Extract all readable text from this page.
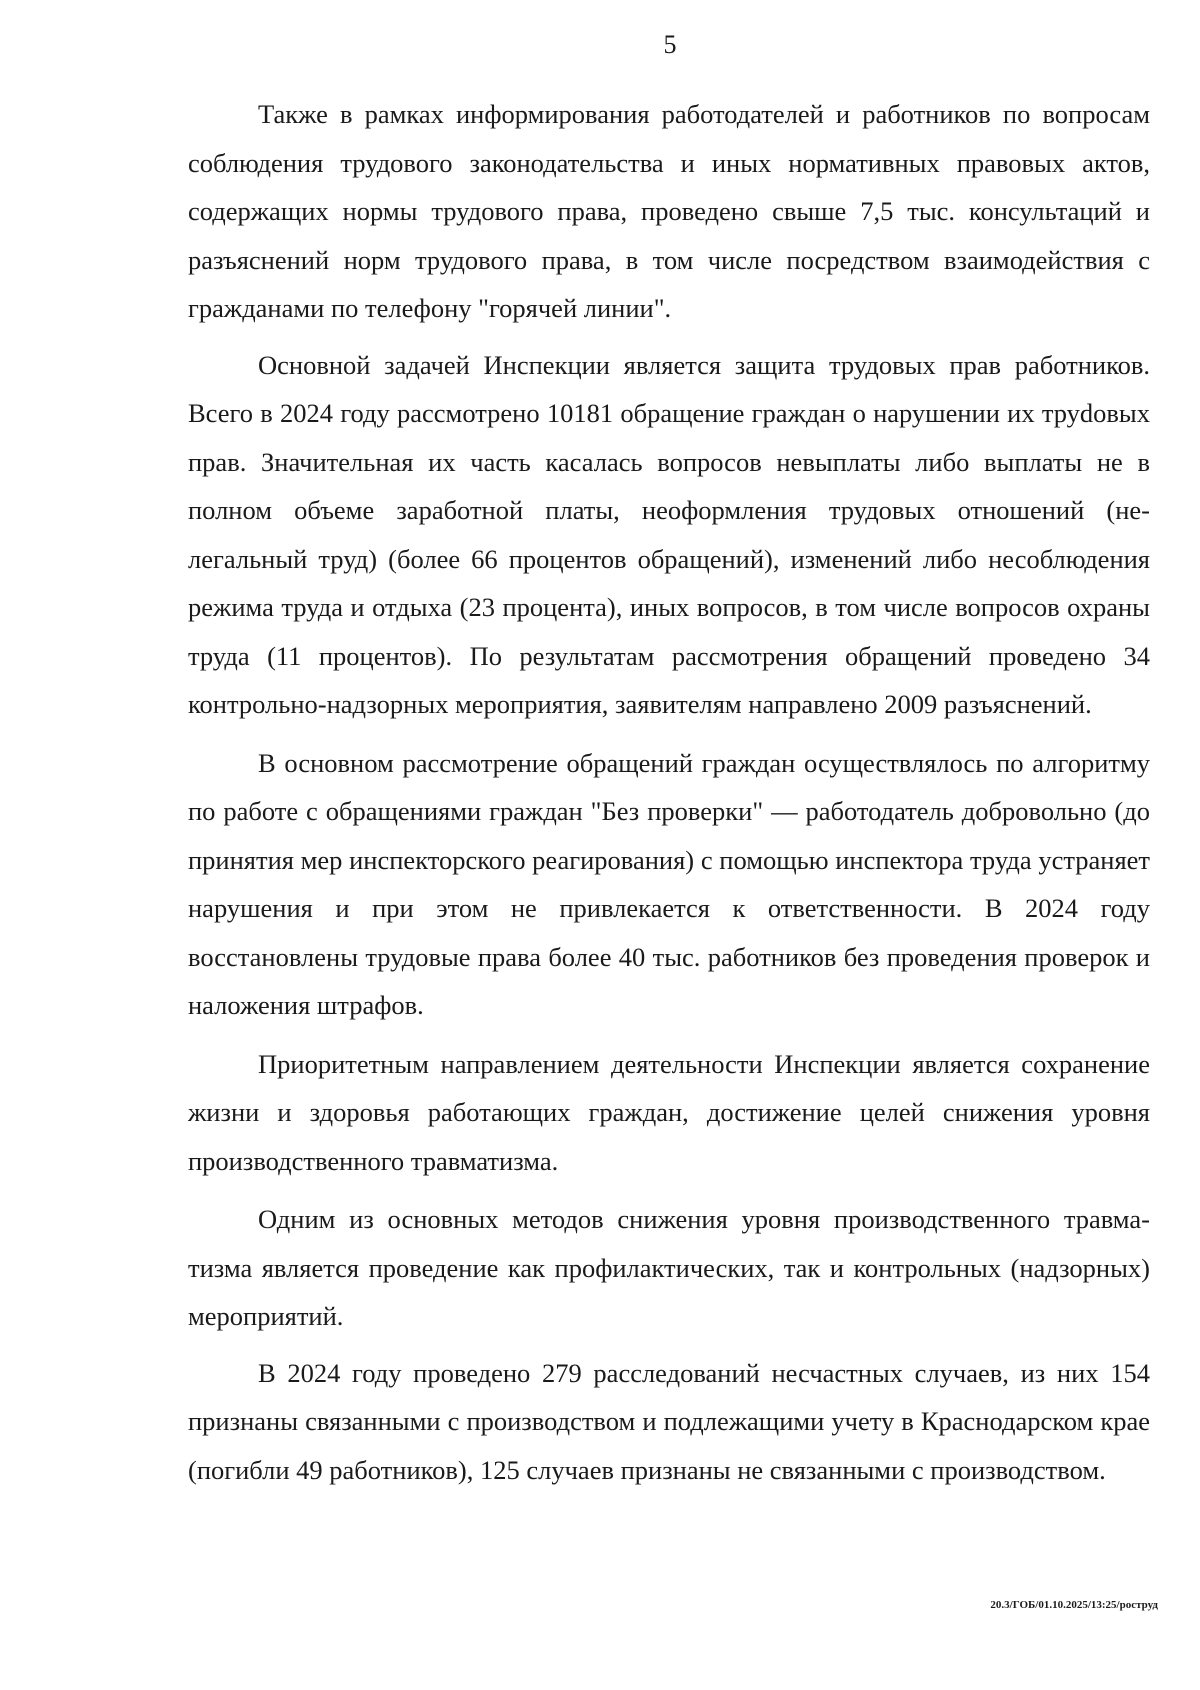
5

Также в рамках информирования работодателей и работников по вопросам соблюдения трудового законодательства и иных нормативных правовых актов, содержащих нормы трудового права, проведено свыше 7,5 тыс. консультаций и разъяснений норм трудового права, в том числе посредством взаимодействия с гражданами по телефону "горячей линии".

Основной задачей Инспекции является защита трудовых прав работников. Всего в 2024 году рассмотрено 10181 обращение граждан о нарушении их труdовых прав. Значительная их часть касалась вопросов невыплаты либо выплаты не в полном объеме заработной платы, неоформления трудовых отношений (нелегальный труд) (более 66 процентов обращений), изменений либо несоблюдения режима труда и отдыха (23 процента), иных вопросов, в том числе вопросов охраны труда (11 процентов). По результатам рассмотрения обращений проведено 34 контрольно-надзорных мероприятия, заявителям направлено 2009 разъяснений.

В основном рассмотрение обращений граждан осуществлялось по алгоритму по работе с обращениями граждан "Без проверки" — работодатель добровольно (до принятия мер инспекторского реагирования) с помощью инспектора труда устраняет нарушения и при этом не привлекается к ответственности. В 2024 году восстановлены трудовые права более 40 тыс. работников без проведения проверок и наложения штрафов.

Приоритетным направлением деятельности Инспекции является сохранение жизни и здоровья работающих граждан, достижение целей снижения уровня производственного травматизма.

Одним из основных методов снижения уровня производственного травматизма является проведение как профилактических, так и контрольных (надзорных) мероприятий.

В 2024 году проведено 279 расследований несчастных случаев, из них 154 признаны связанными с производством и подлежащими учету в Краснодарском крае (погибли 49 работников), 125 случаев признаны не связанными с производством.

20.3/ГОБ/01.10.2025/13:25/роструд
